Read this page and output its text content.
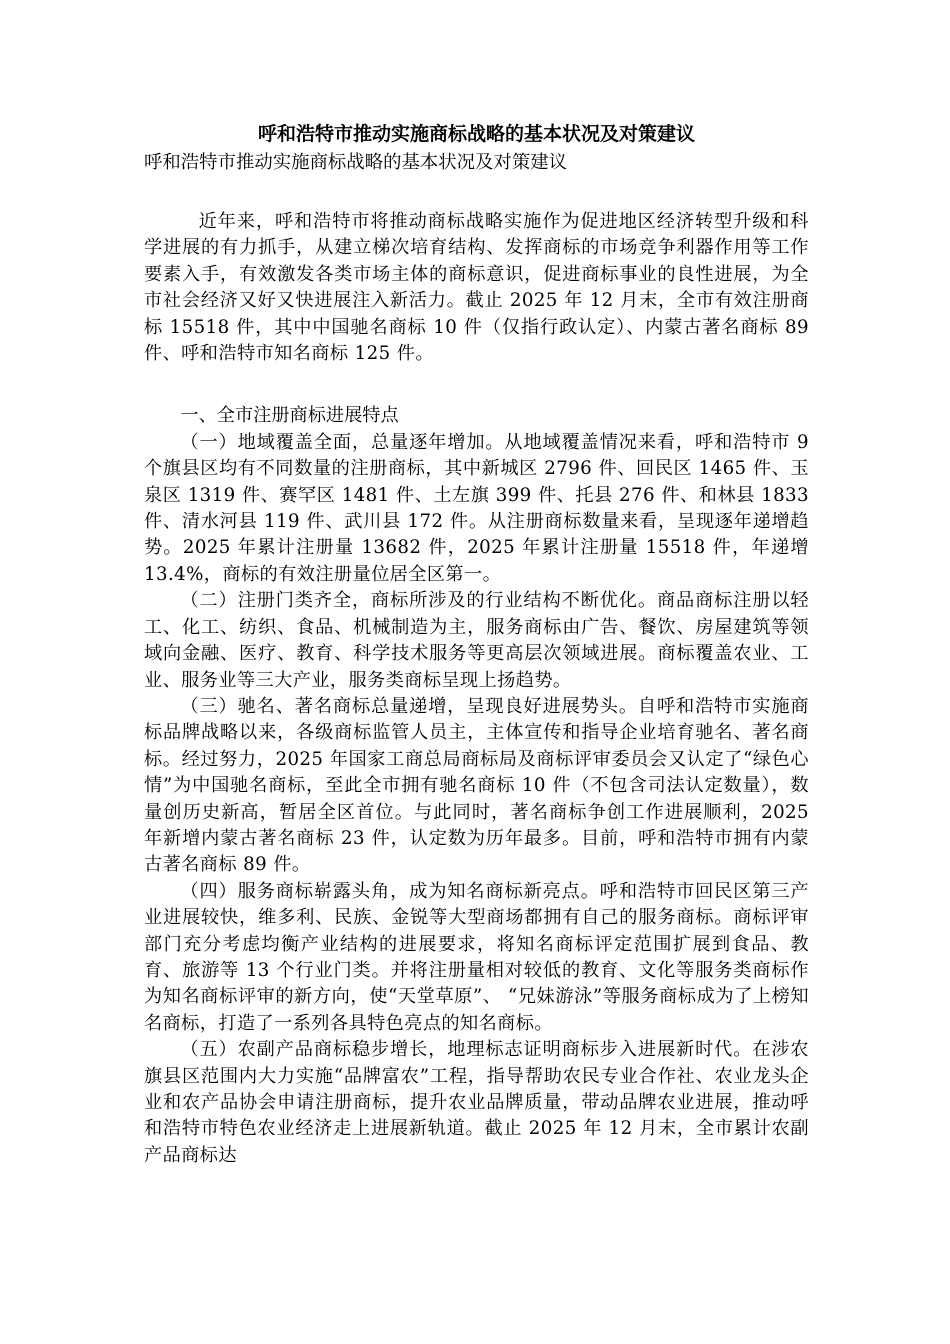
呼和浩特市推动实施商标战略的基本状况及对策建议

呼和浩特市推动实施商标战略的基本状况及对策建议

近年来，呼和浩特市将推动商标战略实施作为促进地区经济转型升级和科学进展的有力抓手，从建立梯次培育结构、发挥商标的市场竞争利器作用等工作要素入手，有效激发各类市场主体的商标意识，促进商标事业的良性进展，为全市社会经济又好又快进展注入新活力。截止 2025 年 12 月末，全市有效注册商标 15518 件，其中中国驰名商标 10 件（仅指行政认定）、内蒙古著名商标 89 件、呼和浩特市知名商标 125 件。

一、全市注册商标进展特点

（一）地域覆盖全面，总量逐年增加。从地域覆盖情况来看，呼和浩特市 9 个旗县区均有不同数量的注册商标，其中新城区 2796 件、回民区 1465 件、玉泉区 1319 件、赛罕区 1481 件、土左旗 399 件、托县 276 件、和林县 1833 件、清水河县 119 件、武川县 172 件。从注册商标数量来看，呈现逐年递增趋势。2025 年累计注册量 13682 件，2025 年累计注册量 15518 件，年递增 13.4%，商标的有效注册量位居全区第一。

（二）注册门类齐全，商标所涉及的行业结构不断优化。商品商标注册以轻工、化工、纺织、食品、机械制造为主，服务商标由广告、餐饮、房屋建筑等领域向金融、医疗、教育、科学技术服务等更高层次领域进展。商标覆盖农业、工业、服务业等三大产业，服务类商标呈现上扬趋势。

（三）驰名、著名商标总量递增，呈现良好进展势头。自呼和浩特市实施商标品牌战略以来，各级商标监管人员主，主体宣传和指导企业培育驰名、著名商标。经过努力，2025 年国家工商总局商标局及商标评审委员会又认定了“绿色心情”为中国驰名商标，至此全市拥有驰名商标 10 件（不包含司法认定数量），数量创历史新高，暂居全区首位。与此同时，著名商标争创工作进展顺利，2025 年新增内蒙古著名商标 23 件，认定数为历年最多。目前，呼和浩特市拥有内蒙古著名商标 89 件。

（四）服务商标崭露头角，成为知名商标新亮点。呼和浩特市回民区第三产业进展较快，维多利、民族、金锐等大型商场都拥有自己的服务商标。商标评审部门充分考虑均衡产业结构的进展要求，将知名商标评定范围扩展到食品、教育、旅游等 13 个行业门类。并将注册量相对较低的教育、文化等服务类商标作为知名商标评审的新方向，使“天堂草原”、 “兄妹游泳”等服务商标成为了上榜知名商标，打造了一系列各具特色亮点的知名商标。

（五）农副产品商标稳步增长，地理标志证明商标步入进展新时代。在涉农旗县区范围内大力实施“品牌富农”工程，指导帮助农民专业合作社、农业龙头企业和农产品协会申请注册商标，提升农业品牌质量，带动品牌农业进展，推动呼和浩特市特色农业经济走上进展新轨道。截止 2025 年 12 月末，全市累计农副产品商标达
